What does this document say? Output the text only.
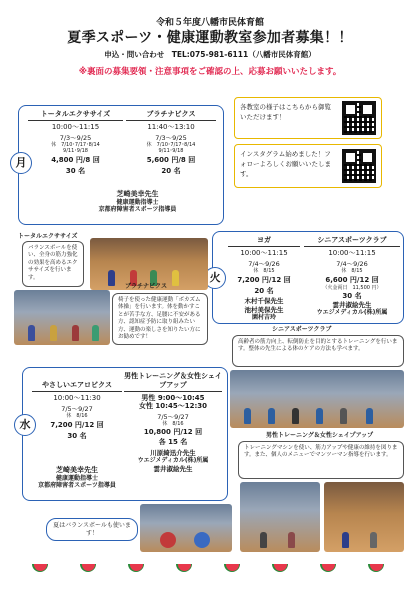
令和５年度八幡市民体育館
夏季スポーツ・健康運動教室参加者募集！！
申込・問い合わせ　TEL:075-981-6111（八幡市民体育館）
※裏面の募集要領・注意事項をご確認の上、応募お願いいたします。
月
トータルエクササイズ
10:00～11:15
7/3～9/25
休　7/10･7/17･8/14
9/11･9/18
4,800 円/8 回
30 名
ブラチナビクス
11:40～13:10
7/3～9/25
休　7/10･7/17･8/14
9/11･9/18
5,600 円/8 回
20 名
芝崎美幸先生
健康運動指導士
京都府障害者スポーツ指導員
各教室の様子はこちらから御覧いただけます！
インスタグラム始めました！フォローよろしくお願いいたします。
火
ヨガ
10:00～11:15
7/4～9/26
休　8/15
7,200 円/12 回
20 名
木村千保先生
池村美保先生
園村吉玲
シニアスポーツクラブ
10:00～11:15
7/4～9/26
休　8/15
6,600 円/12 回
（火金両日　11,500 円）
30 名
雲井淑絵先生
ウエジメディカル(株)所属
トータルエクササイズ
バランスボールを使い、全身の筋力強化の効果を高めるエクササイズを行います。
ブラチナビクス
椅子を使った健康運動「ボカズム体操」を行います。体を動かすことが苦手な方、足腰に不安がある方、認知症予防に取り組みたい方、運動の楽しさを知りたい方にお勧めです！
シニアスポーツクラブ
高齢者の筋力向上、転倒防止を目的とするトレーニングを行います。整体の先生による体のケアの方法も学べます。
水
やさしいエアロビクス
10:00～11:30
7/5～9/27
休　8/16
7,200 円/12 回
30 名
男性トレーニング＆女性シェイプアップ
男性 9:00～10:45
女性 10:45～12:30
7/5～9/27
休　8/16
10,800 円/12 回
各 15 名
川原綺迅介先生
ウエジメディカル(株)所属
雲井淑絵先生
芝崎美幸先生
健康運動指導士
京都府障害者スポーツ指導員
男性トレーニング＆女性シェイプアップ
トレーニングマシンを使い、筋力アップや健康の維持を図ります。また、個人のメニューでマンツーマン指導を行います。
夏はバランスボールも使います！
